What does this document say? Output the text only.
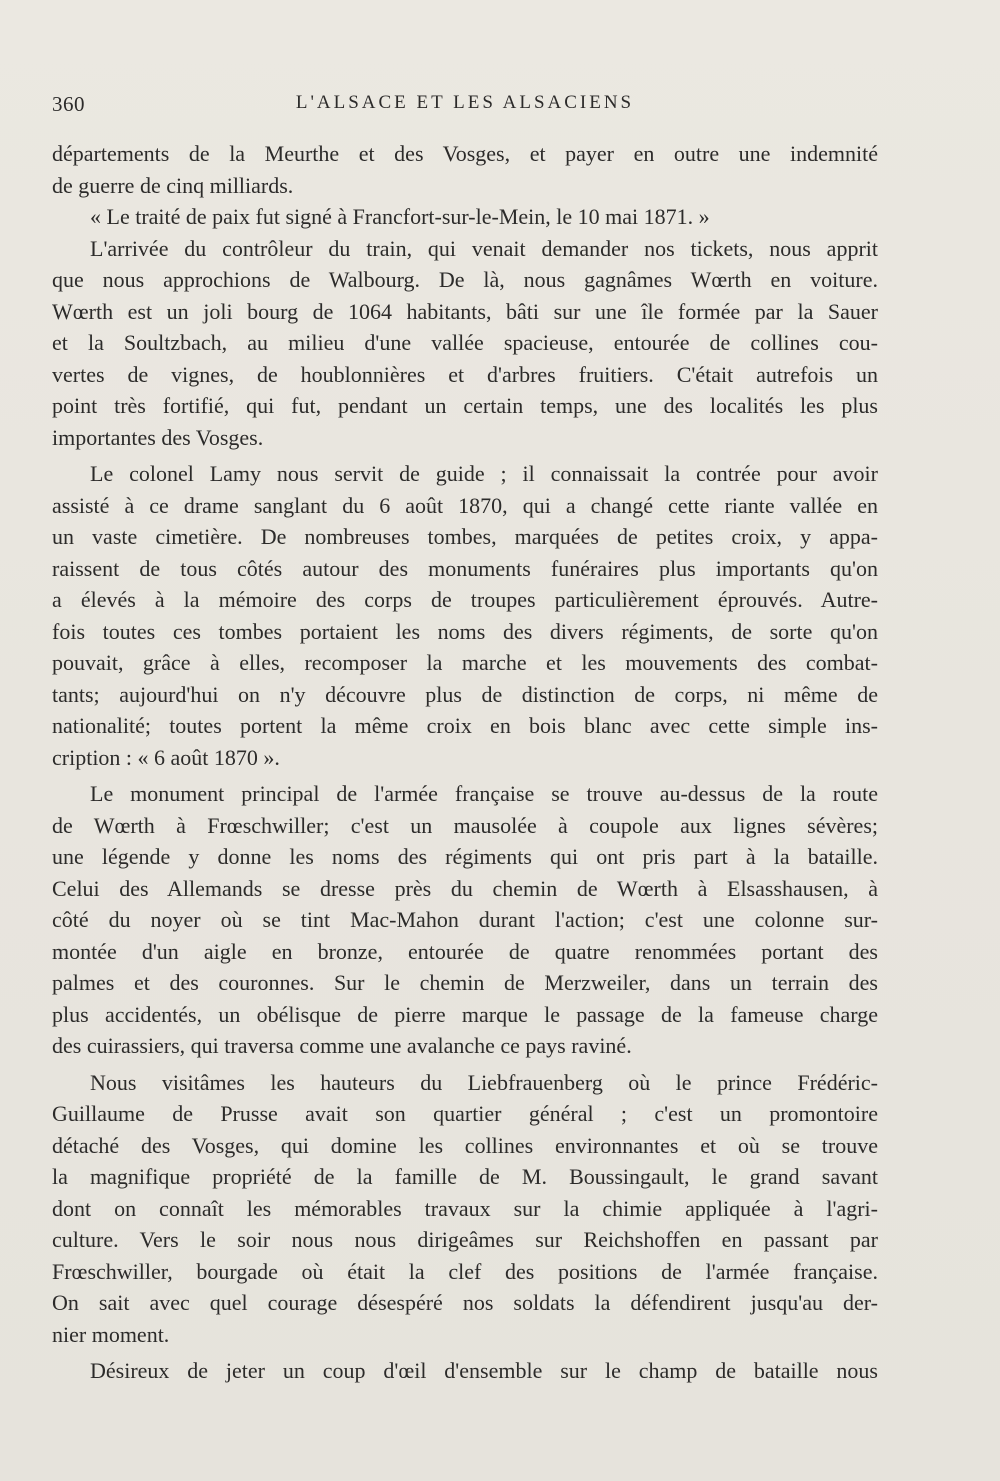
360	L'ALSACE ET LES ALSACIENS
départements de la Meurthe et des Vosges, et payer en outre une indemnité
de guerre de cinq milliards.
« Le traité de paix fut signé à Francfort-sur-le-Mein, le 10 mai 1871. »
L'arrivée du contrôleur du train, qui venait demander nos tickets, nous apprit
que nous approchions de Walbourg. De là, nous gagnâmes Wœrth en voiture.
Wœrth est un joli bourg de 1064 habitants, bâti sur une île formée par la Sauer
et la Soultzbach, au milieu d'une vallée spacieuse, entourée de collines cou-
vertes de vignes, de houblonnières et d'arbres fruitiers. C'était autrefois un
point très fortifié, qui fut, pendant un certain temps, une des localités les plus
importantes des Vosges.
Le colonel Lamy nous servit de guide ; il connaissait la contrée pour avoir
assisté à ce drame sanglant du 6 août 1870, qui a changé cette riante vallée en
un vaste cimetière. De nombreuses tombes, marquées de petites croix, y appa-
raissent de tous côtés autour des monuments funéraires plus importants qu'on
a élevés à la mémoire des corps de troupes particulièrement éprouvés. Autre-
fois toutes ces tombes portaient les noms des divers régiments, de sorte qu'on
pouvait, grâce à elles, recomposer la marche et les mouvements des combat-
tants; aujourd'hui on n'y découvre plus de distinction de corps, ni même de
nationalité; toutes portent la même croix en bois blanc avec cette simple ins-
cription : « 6 août 1870 ».
Le monument principal de l'armée française se trouve au-dessus de la route
de Wœrth à Frœschwiller; c'est un mausolée à coupole aux lignes sévères;
une légende y donne les noms des régiments qui ont pris part à la bataille.
Celui des Allemands se dresse près du chemin de Wœrth à Elsasshausen, à
côté du noyer où se tint Mac-Mahon durant l'action; c'est une colonne sur-
montée d'un aigle en bronze, entourée de quatre renommées portant des
palmes et des couronnes. Sur le chemin de Merzweiler, dans un terrain des
plus accidentés, un obélisque de pierre marque le passage de la fameuse charge
des cuirassiers, qui traversa comme une avalanche ce pays raviné.
Nous visitâmes les hauteurs du Liebfrauenberg où le prince Frédéric-
Guillaume de Prusse avait son quartier général ; c'est un promontoire
détaché des Vosges, qui domine les collines environnantes et où se trouve
la magnifique propriété de la famille de M. Boussingault, le grand savant
dont on connaît les mémorables travaux sur la chimie appliquée à l'agri-
culture. Vers le soir nous nous dirigeâmes sur Reichshoffen en passant par
Frœschwiller, bourgade où était la clef des positions de l'armée française.
On sait avec quel courage désespéré nos soldats la défendirent jusqu'au der-
nier moment.
Désireux de jeter un coup d'œil d'ensemble sur le champ de bataille nous
